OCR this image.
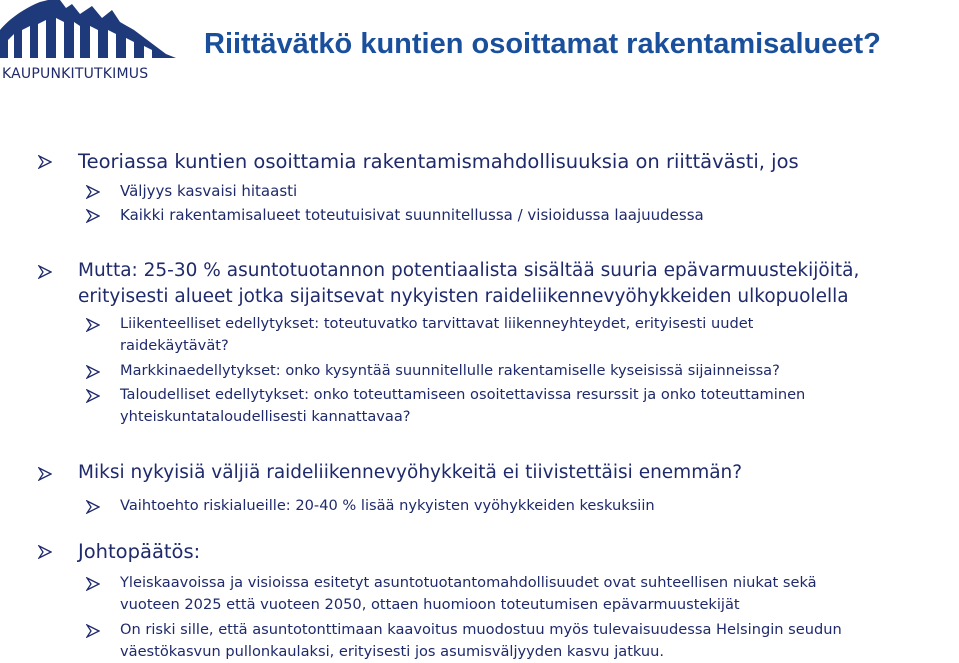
KAUPUNKITUTKIMUS
Riittävätkö kuntien osoittamat rakentamisalueet?
Teoriassa kuntien osoittamia rakentamismahdollisuuksia on riittävästi, jos
Väljyys kasvaisi hitaasti
Kaikki rakentamisalueet toteutuisivat suunnitellussa / visioidussa laajuudessa
Mutta: 25-30 % asuntotuotannon potentiaalista sisältää suuria epävarmuustekijöitä,
erityisesti alueet jotka sijaitsevat nykyisten raideliikennevyöhykkeiden ulkopuolella
Liikenteelliset edellytykset: toteutuvatko tarvittavat liikenneyhteydet, erityisesti uudet
raidekäytävät?
Markkinaedellytykset: onko kysyntää suunnitellulle rakentamiselle kyseisissä sijainneissa?
Taloudelliset edellytykset: onko toteuttamiseen osoitettavissa resurssit ja onko toteuttaminen
yhteiskuntataloudellisesti kannattavaa?
Miksi nykyisiä väljiä raideliikennevyöhykkeitä ei tiivistettäisi enemmän?
Vaihtoehto riskialueille: 20-40 % lisää nykyisten vyöhykkeiden keskuksiin
Johtopäätös:
Yleiskaavoissa ja visioissa esitetyt asuntotuotantomahdollisuudet ovat suhteellisen niukat sekä
vuoteen 2025 että vuoteen 2050, ottaen huomioon toteutumisen epävarmuustekijät
On riski sille, että asuntotonttimaan kaavoitus muodostuu myös tulevaisuudessa Helsingin seudun
väestökasvun pullonkaulaksi, erityisesti jos asumisväljyyden kasvu jatkuu.
